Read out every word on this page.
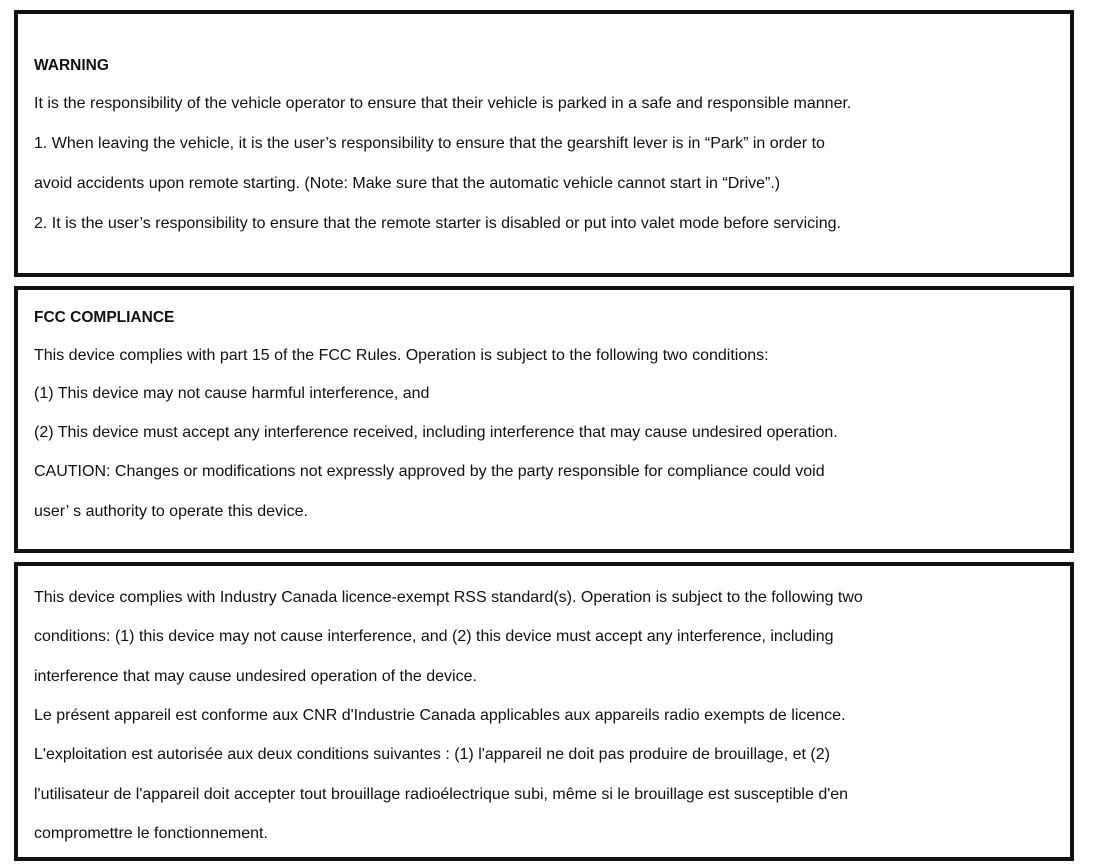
WARNING
It is the responsibility of the vehicle operator to ensure that their vehicle is parked in a safe and responsible manner.
1. When leaving the vehicle, it is the user’s responsibility to ensure that the gearshift lever is in “Park” in order to
avoid accidents upon remote starting. (Note: Make sure that the automatic vehicle cannot start in “Drive”.)
2. It is the user’s responsibility to ensure that the remote starter is disabled or put into valet mode before servicing.
FCC COMPLIANCE
This device complies with part 15 of the FCC Rules. Operation is subject to the following two conditions:
(1) This device may not cause harmful interference, and
(2) This device must accept any interference received, including interference that may cause undesired operation.
CAUTION: Changes or modifications not expressly approved by the party responsible for compliance could void
user’ s authority to operate this device.
This device complies with Industry Canada licence-exempt RSS standard(s). Operation is subject to the following two
conditions: (1) this device may not cause interference, and (2) this device must accept any interference, including
interference that may cause undesired operation of the device.
Le présent appareil est conforme aux CNR d'Industrie Canada applicables aux appareils radio exempts de licence.
L'exploitation est autorisée aux deux conditions suivantes : (1) l'appareil ne doit pas produire de brouillage, et (2)
l'utilisateur de l'appareil doit accepter tout brouillage radioélectrique subi, même si le brouillage est susceptible d'en
compromettre le fonctionnement.
